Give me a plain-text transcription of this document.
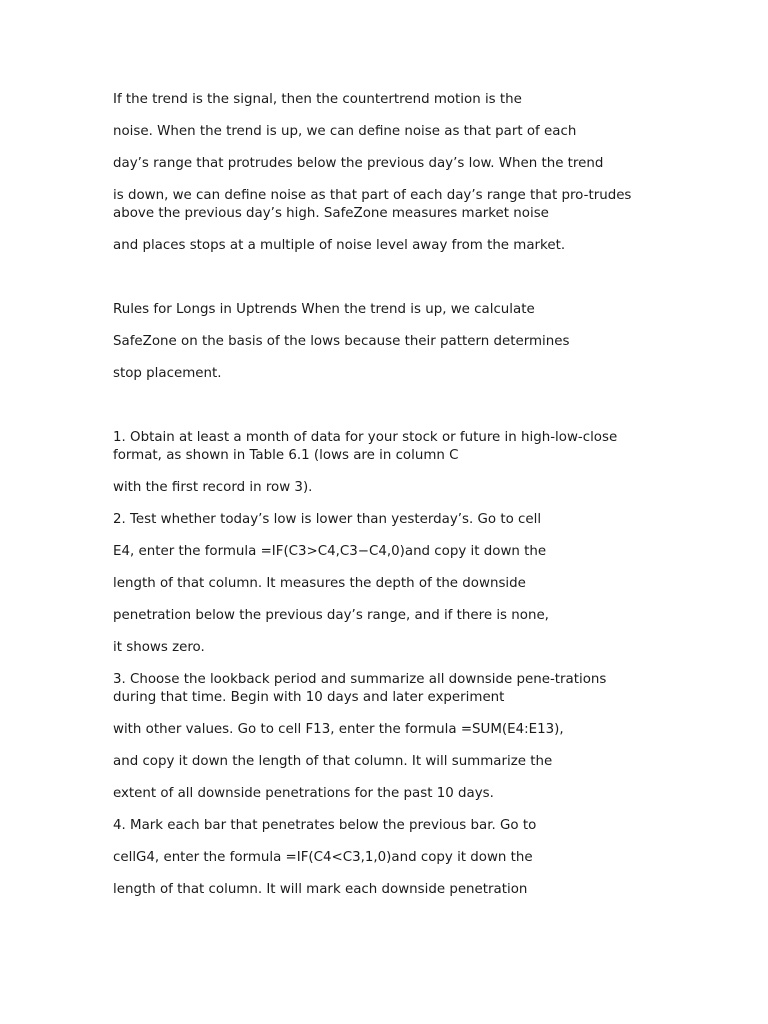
If the trend is the signal, then the countertrend motion is the

noise. When the trend is up, we can define noise as that part of each

day’s range that protrudes below the previous day’s low. When the trend

is down, we can define noise as that part of each day’s range that pro-trudes above the previous day’s high. SafeZone measures market noise

and places stops at a multiple of noise level away from the market.

Rules for Longs in Uptrends When the trend is up, we calculate

SafeZone on the basis of the lows because their pattern determines

stop placement.

1. Obtain at least a month of data for your stock or future in high-low-close format, as shown in Table 6.1 (lows are in column C

with the first record in row 3).

2. Test whether today’s low is lower than yesterday’s. Go to cell

E4, enter the formula =IF(C3>C4,C3−C4,0)and copy it down the

length of that column. It measures the depth of the downside

penetration below the previous day’s range, and if there is none,

it shows zero.

3. Choose the lookback period and summarize all downside pene-trations during that time. Begin with 10 days and later experiment

with other values. Go to cell F13, enter the formula =SUM(E4:E13),

and copy it down the length of that column. It will summarize the

extent of all downside penetrations for the past 10 days.

4. Mark each bar that penetrates below the previous bar. Go to

cellG4, enter the formula =IF(C4<C3,1,0)and copy it down the

length of that column. It will mark each downside penetration
